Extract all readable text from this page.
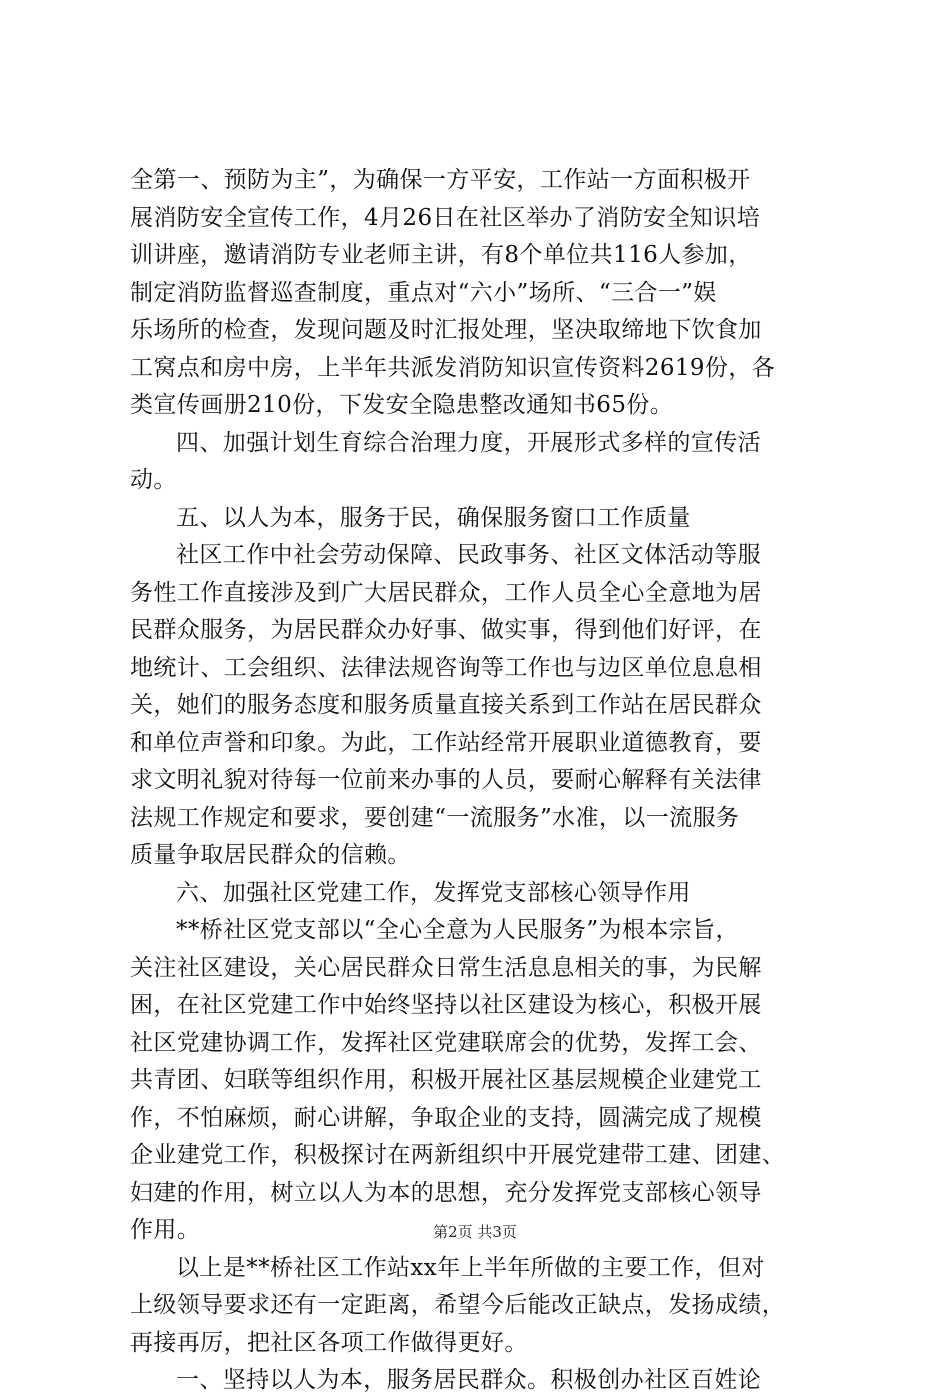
全第一、预防为主”，为确保一方平安，工作站一方面积极开
展消防安全宣传工作，4月26日在社区举办了消防安全知识培
训讲座，邀请消防专业老师主讲，有8个单位共116人参加，
制定消防监督巡查制度，重点对“六小”场所、“三合一”娱
乐场所的检查，发现问题及时汇报处理，坚决取缔地下饮食加
工窝点和房中房，上半年共派发消防知识宣传资料2619份，各
类宣传画册210份，下发安全隐患整改通知书65份。
四、加强计划生育综合治理力度，开展形式多样的宣传活
动。
五、以人为本，服务于民，确保服务窗口工作质量
社区工作中社会劳动保障、民政事务、社区文体活动等服
务性工作直接涉及到广大居民群众，工作人员全心全意地为居
民群众服务，为居民群众办好事、做实事，得到他们好评，在
地统计、工会组织、法律法规咨询等工作也与边区单位息息相
关，她们的服务态度和服务质量直接关系到工作站在居民群众
和单位声誉和印象。为此，工作站经常开展职业道德教育，要
求文明礼貌对待每一位前来办事的人员，要耐心解释有关法律
法规工作规定和要求，要创建“一流服务”水准，以一流服务
质量争取居民群众的信赖。
六、加强社区党建工作，发挥党支部核心领导作用
**桥社区党支部以“全心全意为人民服务”为根本宗旨，
关注社区建设，关心居民群众日常生活息息相关的事，为民解
困，在社区党建工作中始终坚持以社区建设为核心，积极开展
社区党建协调工作，发挥社区党建联席会的优势，发挥工会、
共青团、妇联等组织作用，积极开展社区基层规模企业建党工
作，不怕麻烦，耐心讲解，争取企业的支持，圆满完成了规模
企业建党工作，积极探讨在两新组织中开展党建带工建、团建、
妇建的作用，树立以人为本的思想，充分发挥党支部核心领导
作用。
以上是**桥社区工作站xx年上半年所做的主要工作，但对
上级领导要求还有一定距离，希望今后能改正缺点，发扬成绩，
再接再厉，把社区各项工作做得更好。
一、坚持以人为本，服务居民群众。积极创办社区百姓论
第2页 共3页
